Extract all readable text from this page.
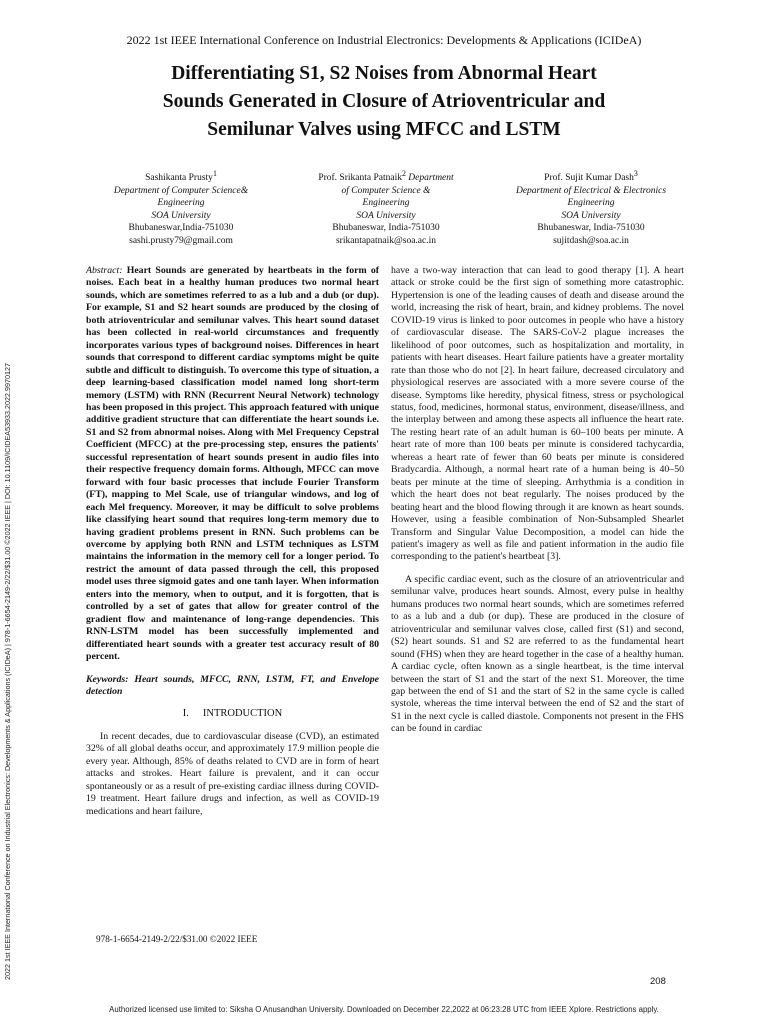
2022 1st IEEE International Conference on Industrial Electronics: Developments & Applications (ICIDeA)
Differentiating S1, S2 Noises from Abnormal Heart
Sounds Generated in Closure of Atrioventricular and
Semilunar Valves using MFCC and LSTM
Sashikanta Prusty$^1$
Department of Computer Science&
Engineering
SOA University
Bhubaneswar,India-751030
sashi.prusty79@gmail.com
Prof. Srikanta Patnaik$^2$ Department
of Computer Science &
Engineering
SOA University
Bhubaneswar, India-751030
srikantapatnaik@soa.ac.in
Prof. Sujit Kumar Dash$^3$
Department of Electrical & Electronics
Engineering
SOA University
Bhubaneswar, India-751030
sujitdash@soa.ac.in
2022 1st IEEE International Conference on Industrial Electronics: Developments & Applications (ICIDeA) | 978-1-6654-2149-2/22/$31.00 ©2022 IEEE | DOI: 10.1109/ICIDEA53933.2022.9970127

Abstract: Heart Sounds are generated by heartbeats in the form of noises. Each beat in a healthy human produces two normal heart sounds, which are sometimes referred to as a lub and a dub (or dup). For example, S1 and S2 heart sounds are produced by the closing of both atrioventricular and semilunar valves. This heart sound dataset has been collected in real-world circumstances and frequently incorporates various types of background noises. Differences in heart sounds that correspond to different cardiac symptoms might be quite subtle and difficult to distinguish. To overcome this type of situation, a deep learning-based classification model named long short-term memory (LSTM) with RNN (Recurrent Neural Network) technology has been proposed in this project. This approach featured with unique additive gradient structure that can differentiate the heart sounds i.e. S1 and S2 from abnormal noises. Along with Mel Frequency Cepstral Coefficient (MFCC) at the pre-processing step, ensures the patients' successful representation of heart sounds present in audio files into their respective frequency domain forms. Although, MFCC can move forward with four basic processes that include Fourier Transform (FT), mapping to Mel Scale, use of triangular windows, and log of each Mel frequency. Moreover, it may be difficult to solve problems like classifying heart sound that requires long-term memory due to having gradient problems present in RNN. Such problems can be overcome by applying both RNN and LSTM techniques as LSTM maintains the information in the memory cell for a longer period. To restrict the amount of data passed through the cell, this proposed model uses three sigmoid gates and one tanh layer. When information enters into the memory, when to output, and it is forgotten, that is controlled by a set of gates that allow for greater control of the gradient flow and maintenance of long-range dependencies. This RNN-LSTM model has been successfully implemented and differentiated heart sounds with a greater test accuracy result of 80 percent.

Keywords: Heart sounds, MFCC, RNN, LSTM, FT, and Envelope detection

I. INTRODUCTION

In recent decades, due to cardiovascular disease (CVD), an estimated 32% of all global deaths occur, and approximately 17.9 million people die every year. Although, 85% of deaths related to CVD are in form of heart attacks and strokes. Heart failure is prevalent, and it can occur spontaneously or as a result of pre-existing cardiac illness during COVID-19 treatment. Heart failure drugs and infection, as well as COVID-19 medications and heart failure,

have a two-way interaction that can lead to good therapy [1]. A heart attack or stroke could be the first sign of something more catastrophic. Hypertension is one of the leading causes of death and disease around the world, increasing the risk of heart, brain, and kidney problems. The novel COVID-19 virus is linked to poor outcomes in people who have a history of cardiovascular disease. The SARS-CoV-2 plague increases the likelihood of poor outcomes, such as hospitalization and mortality, in patients with heart diseases. Heart failure patients have a greater mortality rate than those who do not [2]. In heart failure, decreased circulatory and physiological reserves are associated with a more severe course of the disease. Symptoms like heredity, physical fitness, stress or psychological status, food, medicines, hormonal status, environment, disease/illness, and the interplay between and among these aspects all influence the heart rate. The resting heart rate of an adult human is 60–100 beats per minute. A heart rate of more than 100 beats per minute is considered tachycardia, whereas a heart rate of fewer than 60 beats per minute is considered Bradycardia. Although, a normal heart rate of a human being is 40–50 beats per minute at the time of sleeping. Arrhythmia is a condition in which the heart does not beat regularly. The noises produced by the beating heart and the blood flowing through it are known as heart sounds. However, using a feasible combination of Non-Subsampled Shearlet Transform and Singular Value Decomposition, a model can hide the patient's imagery as well as file and patient information in the audio file corresponding to the patient's heartbeat [3].

A specific cardiac event, such as the closure of an atrioventricular and semilunar valve, produces heart sounds. Almost, every pulse in healthy humans produces two normal heart sounds, which are sometimes referred to as a lub and a dub (or dup). These are produced in the closure of atrioventricular and semilunar valves close, called first (S1) and second, (S2) heart sounds. S1 and S2 are referred to as the fundamental heart sound (FHS) when they are heard together in the case of a healthy human. A cardiac cycle, often known as a single heartbeat, is the time interval between the start of S1 and the start of the next S1. Moreover, the time gap between the end of S1 and the start of S2 in the same cycle is called systole, whereas the time interval between the end of S2 and the start of S1 in the next cycle is called diastole. Components not present in the FHS can be found in cardiac

978-1-6654-2149-2/22/$31.00 ©2022 IEEE
208
Authorized licensed use limited to: Siksha O Anusandhan University. Downloaded on December 22,2022 at 06:23:28 UTC from IEEE Xplore. Restrictions apply.
